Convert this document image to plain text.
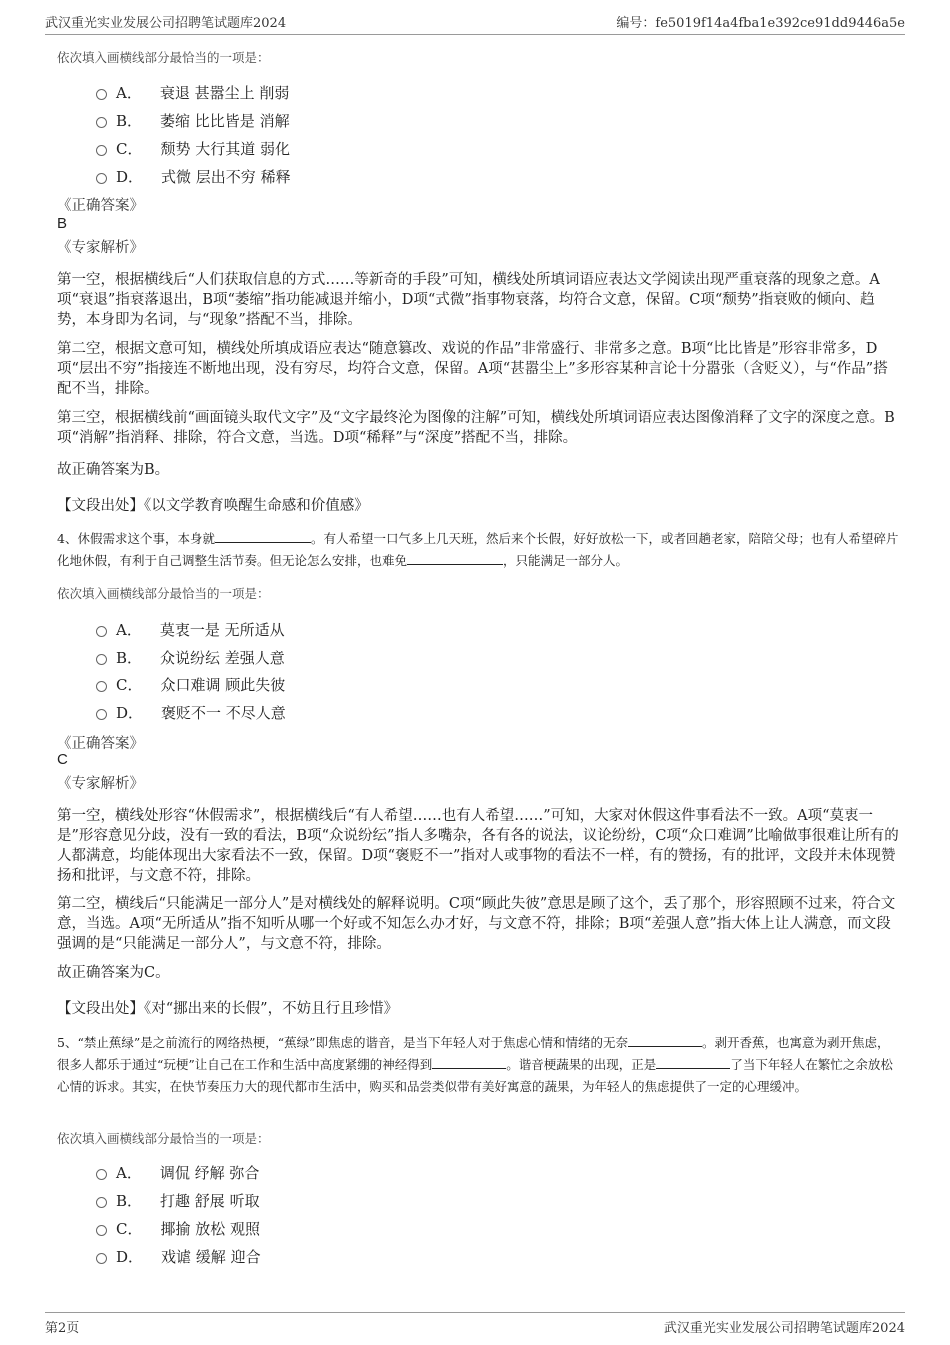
武汉重光实业发展公司招聘笔试题库2024	编号：fe5019f14a4fba1e392ce91dd9446a5e
依次填入画横线部分最恰当的一项是：
A． 衰退 甚嚣尘上 削弱
B． 萎缩 比比皆是 消解
C． 颓势 大行其道 弱化
D． 式微 层出不穷 稀释
《正确答案》
B
《专家解析》
第一空，根据横线后“人们获取信息的方式……等新奇的手段”可知，横线处所填词语应表达文学阅读出现严重衰落的现象之意。A项“衰退”指衰落退出，B项“萎缩”指功能减退并缩小，D项“式微”指事物衰落，均符合文意，保留。C项“颓势”指衰败的倾向、趋势，本身即为名词，与“现象”搭配不当，排除。
第二空，根据文意可知，横线处所填成语应表达“随意篡改、戏说的作品”非常盛行、非常多之意。B项“比比皆是”形容非常多，D项“层出不穷”指接连不断地出现，没有穷尽，均符合文意，保留。A项“甚嚣尘上”多形容某种言论十分嚣张（含贬义），与“作品”搭配不当，排除。
第三空，根据横线前“画面镜头取代文字”及“文字最终沦为图像的注解”可知，横线处所填词语应表达图像消释了文字的深度之意。B项“消解”指消释、排除，符合文意，当选。D项“稀释”与“深度”搭配不当，排除。
故正确答案为B。
【文段出处】《以文学教育唤醒生命感和价值感》
4、休假需求这个事，本身就	。有人希望一口气多上几天班，然后来个长假，好好放松一下，或者回趟老家，陪陪父母；也有人希望碎片化地休假，有利于自己调整生活节奏。但无论怎么安排，也难免	，只能满足一部分人。
依次填入画横线部分最恰当的一项是：
A． 莫衷一是 无所适从
B． 众说纷纭 差强人意
C． 众口难调 顾此失彼
D． 褒贬不一 不尽人意
《正确答案》
C
《专家解析》
第一空，横线处形容“休假需求”，根据横线后“有人希望……也有人希望……”可知，大家对休假这件事看法不一致。A项“莫衷一是”形容意见分歧，没有一致的看法，B项“众说纷纭”指人多嘴杂，各有各的说法，议论纷纷，C项“众口难调”比喻做事很难让所有的人都满意，均能体现出大家看法不一致，保留。D项“褒贬不一”指对人或事物的看法不一样，有的赞扬，有的批评，文段并未体现赞扬和批评，与文意不符，排除。
第二空，横线后“只能满足一部分人”是对横线处的解释说明。C项“顾此失彼”意思是顾了这个，丢了那个，形容照顾不过来，符合文意，当选。A项“无所适从”指不知听从哪一个好或不知怎么办才好，与文意不符，排除；B项“差强人意”指大体上让人满意，而文段强调的是“只能满足一部分人”，与文意不符，排除。
故正确答案为C。
【文段出处】《对“挪出来的长假”，不妨且行且珍惜》
5、“禁止蕉绿”是之前流行的网络热梗，“蕉绿”即焦虑的谐音，是当下年轻人对于焦虑心情和情绪的无奈	。剥开香蕉，也寓意为剥开焦虑，很多人都乐于通过“玩梗”让自己在工作和生活中高度紧绷的神经得到	。谐音梗蔬果的出现，正是	了当下年轻人在繁忙之余放松心情的诉求。其实，在快节奏压力大的现代都市生活中，购买和品尝类似带有美好寓意的蔬果，为年轻人的焦虑提供了一定的心理缓冲。
依次填入画横线部分最恰当的一项是：
A． 调侃 纾解 弥合
B． 打趣 舒展 听取
C． 揶揄 放松 观照
D． 戏谑 缓解 迎合
第2页	武汉重光实业发展公司招聘笔试题库2024
